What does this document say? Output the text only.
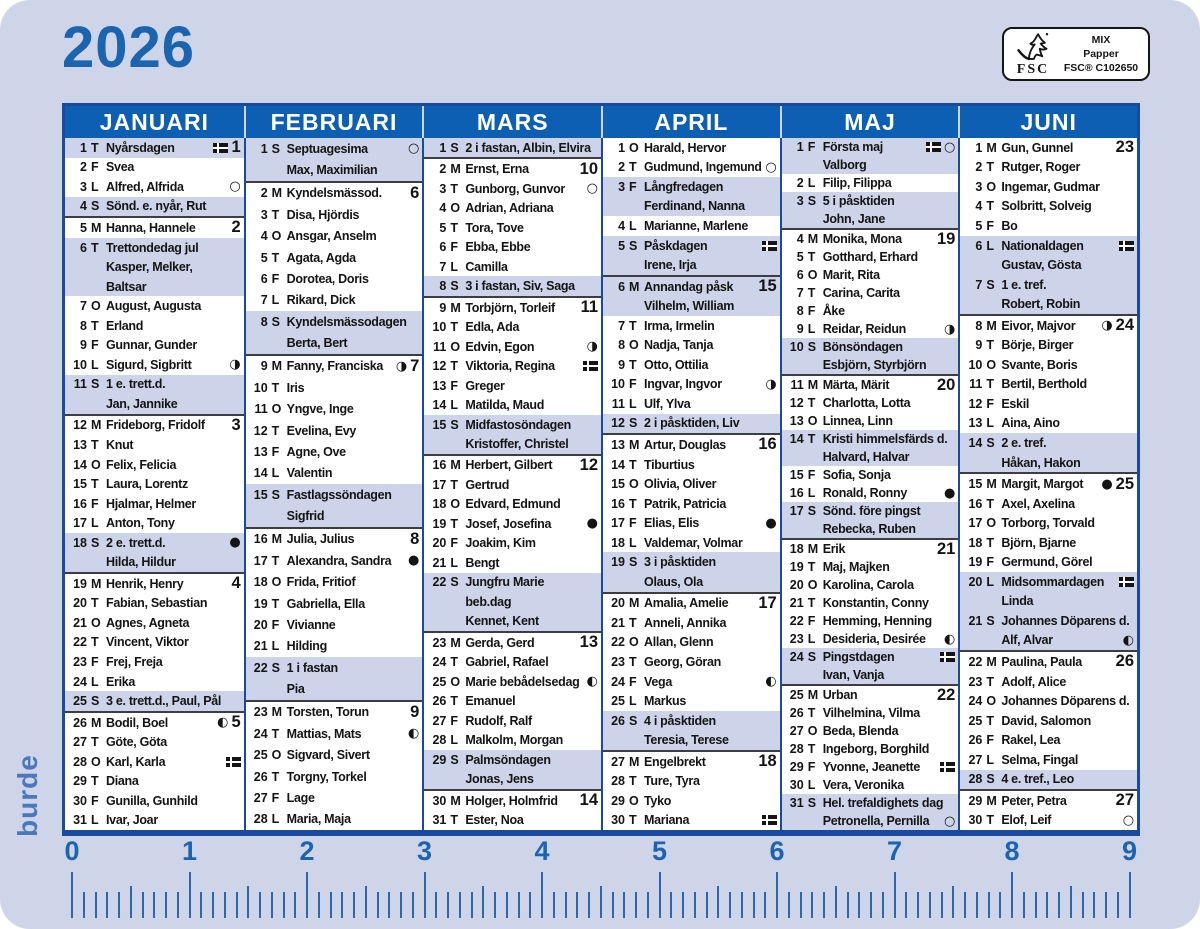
2026	FSC
MIX
Papper
FSC® C102650
JANUARI
1 T Nyårsdagen	1
2 F Svea
3 L Alfred, Alfrida	○
4 S Sönd. e. nyår, Rut
5 M Hanna, Hannele	2
6 T Trettondedag jul
Kasper, Melker,
Baltsar
7 O August, Augusta
8 T Erland
9 F Gunnar, Gunder
10 L Sigurd, Sigbritt	◑
11 S 1 e. trett.d.
Jan, Jannike
12 M Frideborg, Fridolf	3
13 T Knut
14 O Felix, Felicia
15 T Laura, Lorentz
16 F Hjalmar, Helmer
17 L Anton, Tony
18 S 2 e. trett.d.	●
Hilda, Hildur
19 M Henrik, Henry	4
20 T Fabian, Sebastian
21 O Agnes, Agneta
22 T Vincent, Viktor
23 F Frej, Freja
24 L Erika
25 S 3 e. trett.d., Paul, Pål
26 M Bodil, Boel	◐ 5
27 T Göte, Göta
28 O Karl, Karla
29 T Diana
30 F Gunilla, Gunhild
31 L Ivar, Joar
FEBRUARI
1 S Septuagesima	○
Max, Maximilian
2 M Kyndelsmässod.	6
3 T Disa, Hjördis
4 O Ansgar, Anselm
5 T Agata, Agda
6 F Dorotea, Doris
7 L Rikard, Dick
8 S Kyndelsmässodagen
Berta, Bert
9 M Fanny, Franciska ◑ 7
10 T Iris
11 O Yngve, Inge
12 T Evelina, Evy
13 F Agne, Ove
14 L Valentin
15 S Fastlagssöndagen
Sigfrid
16 M Julia, Julius	8
17 T Alexandra, Sandra	●
18 O Frida, Fritiof
19 T Gabriella, Ella
20 F Vivianne
21 L Hilding
22 S 1 i fastan
Pia
23 M Torsten, Torun	9
24 T Mattias, Mats	◐
25 O Sigvard, Sivert
26 T Torgny, Torkel
27 F Lage
28 L Maria, Maja
MARS
1 S 2 i fastan, Albin, Elvira
2 M Ernst, Erna	10
3 T Gunborg, Gunvor	○
4 O Adrian, Adriana
5 T Tora, Tove
6 F Ebba, Ebbe
7 L Camilla
8 S 3 i fastan, Siv, Saga
9 M Torbjörn, Torleif	11
10 T Edla, Ada
11 O Edvin, Egon	◑
12 T Viktoria, Regina
13 F Greger
14 L Matilda, Maud
15 S Midfastosöndagen
Kristoffer, Christel
16 M Herbert, Gilbert	12
17 T Gertrud
18 O Edvard, Edmund
19 T Josef, Josefina	●
20 F Joakim, Kim
21 L Bengt
22 S Jungfru Marie
beb.dag
Kennet, Kent
23 M Gerda, Gerd	13
24 T Gabriel, Rafael
25 O Marie bebådelsedag ◐
26 T Emanuel
27 F Rudolf, Ralf
28 L Malkolm, Morgan
29 S Palmsöndagen
Jonas, Jens
30 M Holger, Holmfrid	14
31 T Ester, Noa
APRIL
1 O Harald, Hervor
2 T Gudmund, Ingemund ○
3 F Långfredagen
Ferdinand, Nanna
4 L Marianne, Marlene
5 S Påskdagen
Irene, Irja
6 M Annandag påsk	15
Vilhelm, William
7 T Irma, Irmelin
8 O Nadja, Tanja
9 T Otto, Ottilia
10 F Ingvar, Ingvor	◑
11 L Ulf, Ylva
12 S 2 i påsktiden, Liv
13 M Artur, Douglas	16
14 T Tiburtius
15 O Olivia, Oliver
16 T Patrik, Patricia
17 F Elias, Elis	●
18 L Valdemar, Volmar
19 S 3 i påsktiden
Olaus, Ola
20 M Amalia, Amelie	17
21 T Anneli, Annika
22 O Allan, Glenn
23 T Georg, Göran
24 F Vega	◐
25 L Markus
26 S 4 i påsktiden
Teresia, Terese
27 M Engelbrekt	18
28 T Ture, Tyra
29 O Tyko
30 T Mariana
MAJ
1 F Första maj	○
Valborg
2 L Filip, Filippa
3 S 5 i påsktiden
John, Jane
4 M Monika, Mona	19
5 T Gotthard, Erhard
6 O Marit, Rita
7 T Carina, Carita
8 F Åke
9 L Reidar, Reidun	◑
10 S Bönsöndagen
Esbjörn, Styrbjörn
11 M Märta, Märit	20
12 T Charlotta, Lotta
13 O Linnea, Linn
14 T Kristi himmelsfärds d.
Halvard, Halvar
15 F Sofia, Sonja
16 L Ronald, Ronny	●
17 S Sönd. före pingst
Rebecka, Ruben
18 M Erik	21
19 T Maj, Majken
20 O Karolina, Carola
21 T Konstantin, Conny
22 F Hemming, Henning
23 L Desideria, Desirée	◐
24 S Pingstdagen
Ivan, Vanja
25 M Urban	22
26 T Vilhelmina, Vilma
27 O Beda, Blenda
28 T Ingeborg, Borghild
29 F Yvonne, Jeanette
30 L Vera, Veronika
31 S Hel. trefaldighets dag
Petronella, Pernilla	○
JUNI
1 M Gun, Gunnel	23
2 T Rutger, Roger
3 O Ingemar, Gudmar
4 T Solbritt, Solveig
5 F Bo
6 L Nationaldagen
Gustav, Gösta
7 S 1 e. tref.
Robert, Robin
8 M Eivor, Majvor	◑ 24
9 T Börje, Birger
10 O Svante, Boris
11 T Bertil, Berthold
12 F Eskil
13 L Aina, Aino
14 S 2 e. tref.
Håkan, Hakon
15 M Margit, Margot	● 25
16 T Axel, Axelina
17 O Torborg, Torvald
18 T Björn, Bjarne
19 F Germund, Görel
20 L Midsommardagen
Linda
21 S Johannes Döparens d.
Alf, Alvar	◐
22 M Paulina, Paula	26
23 T Adolf, Alice
24 O Johannes Döparens d.
25 T David, Salomon
26 F Rakel, Lea
27 L Selma, Fingal
28 S 4 e. tref., Leo
29 M Peter, Petra	27
30 T Elof, Leif	○
burde
0	1	2	3	4	5	6	7	8	9
